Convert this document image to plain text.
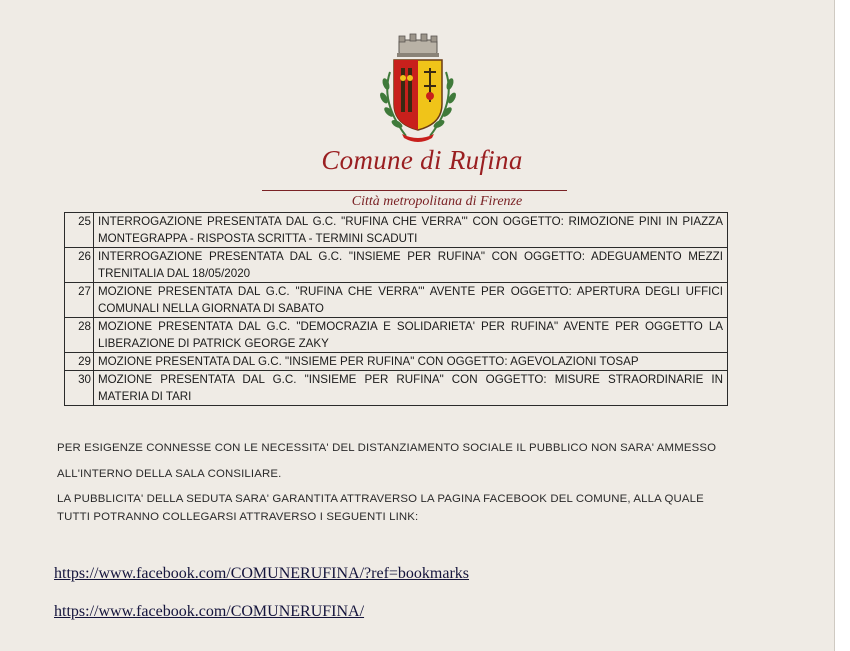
Comune di Rufina
Città metropolitana di Firenze
25	INTERROGAZIONE PRESENTATA DAL G.C. "RUFINA CHE VERRA'" CON OGGETTO: RIMOZIONE PINI IN PIAZZA MONTEGRAPPA - RISPOSTA SCRITTA - TERMINI SCADUTI
26	INTERROGAZIONE PRESENTATA DAL G.C. "INSIEME PER RUFINA" CON OGGETTO: ADEGUAMENTO MEZZI TRENITALIA DAL 18/05/2020
27	MOZIONE PRESENTATA DAL G.C. "RUFINA CHE VERRA'" AVENTE PER OGGETTO: APERTURA DEGLI UFFICI COMUNALI NELLA GIORNATA DI SABATO
28	MOZIONE PRESENTATA DAL G.C. "DEMOCRAZIA E SOLIDARIETA' PER RUFINA" AVENTE PER OGGETTO LA LIBERAZIONE DI PATRICK GEORGE ZAKY
29	MOZIONE PRESENTATA DAL G.C. "INSIEME PER RUFINA" CON OGGETTO: AGEVOLAZIONI TOSAP
30	MOZIONE PRESENTATA DAL G.C. "INSIEME PER RUFINA" CON OGGETTO: MISURE STRAORDINARIE IN MATERIA DI TARI
PER ESIGENZE CONNESSE CON LE NECESSITA' DEL DISTANZIAMENTO SOCIALE IL PUBBLICO NON SARA' AMMESSO
ALL'INTERNO DELLA SALA CONSILIARE.
LA PUBBLICITA' DELLA SEDUTA SARA' GARANTITA ATTRAVERSO LA PAGINA FACEBOOK DEL COMUNE, ALLA QUALE
TUTTI POTRANNO COLLEGARSI ATTRAVERSO I SEGUENTI LINK:
https://www.facebook.com/COMUNERUFINA/?ref=bookmarks
https://www.facebook.com/COMUNERUFINA/
